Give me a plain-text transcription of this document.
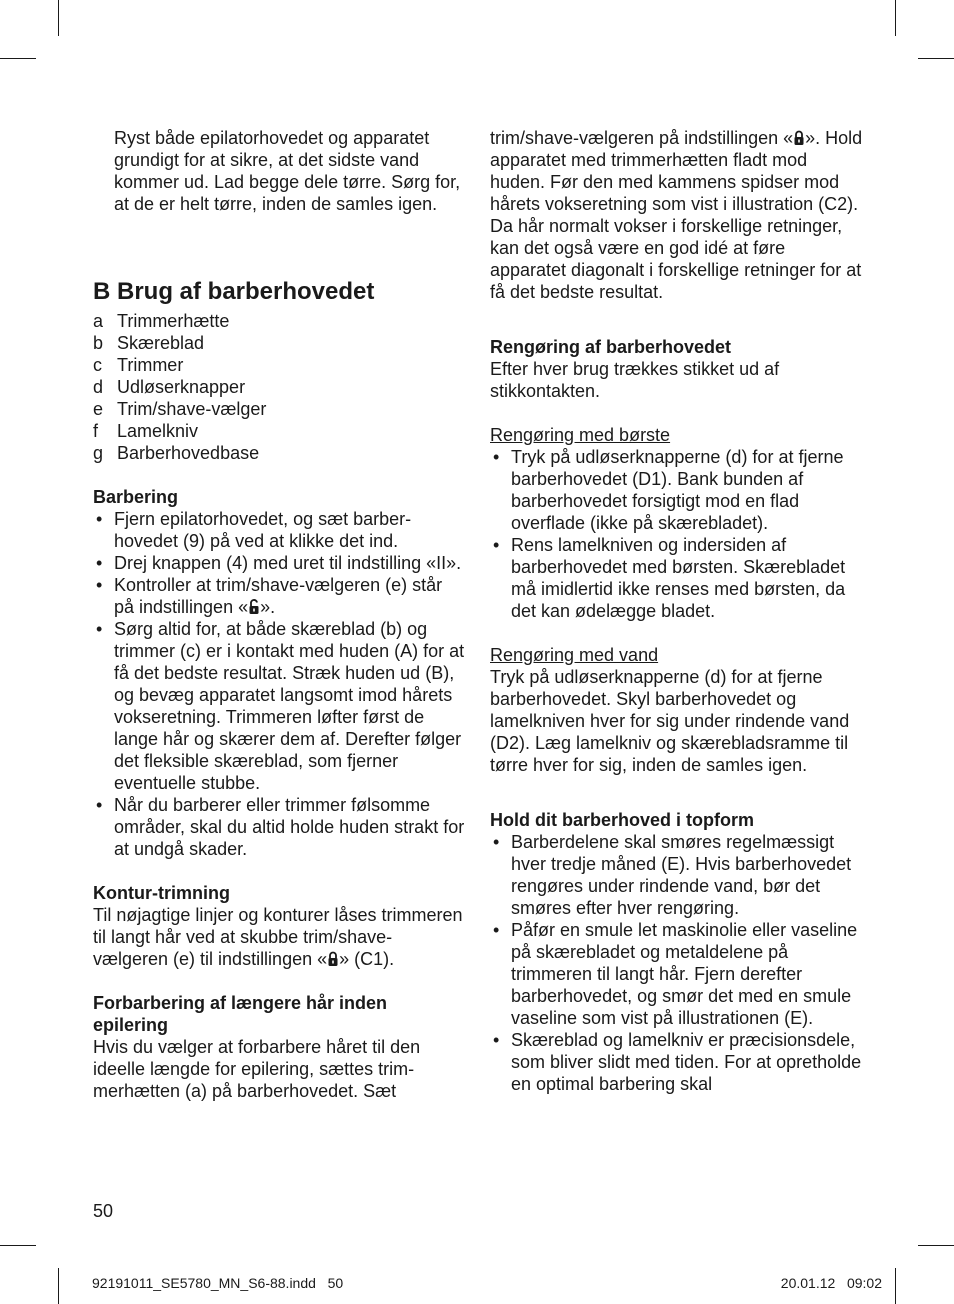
Ryst både epilatorhovedet og apparatet grundigt for at sikre, at det sidste vand kommer ud. Lad begge dele tørre. Sørg for, at de er helt tørre, inden de samles igen.

B Brug af barberhovedet

a Trimmerhætte
b Skæreblad
c Trimmer
d Udløserknapper
e Trim/shave-vælger
f	Lamelkniv
g Barberhovedbase

Barbering

• Fjern epilatorhovedet, og sæt barberhovedet (9) på ved at klikke det ind.
• Drej knappen (4) med uret til indstilling «II».
• Kontroller at trim/shave-vælgeren (e) står på indstillingen « ».
• Sørg altid for, at både skæreblad (b) og trimmer (c) er i kontakt med huden (A) for at få det bedste resultat. Stræk huden ud (B), og bevæg apparatet langsomt imod hårets vokseretning. Trimmeren løfter først de lange hår og skærer dem af. Derefter følger det fleksible skæreblad, som fjerner eventuelle stubbe.
• Når du barberer eller trimmer følsomme områder, skal du altid holde huden strakt for at undgå skader.

Kontur-trimning

Til nøjagtige linjer og konturer låses trimmeren til langt hår ved at skubbe trim/shave-vælgeren (e) til indstillingen « » (C1).

Forbarbering af længere hår inden epilering

Hvis du vælger at forbarbere håret til den ideelle længde for epilering, sættes trimmerhætten (a) på barberhovedet. Sæt

trim/shave-vælgeren på indstillingen « ». Hold apparatet med trimmerhætten fladt mod huden. Før den med kammens spidser mod hårets vokseretning som vist i illustration (C2).

Da hår normalt vokser i forskellige retninger, kan det også være en god idé at føre apparatet diagonalt i forskellige retninger for at få det bedste resultat.

Rengøring af barberhovedet

Efter hver brug trækkes stikket ud af stikkontakten.

Rengøring med børste

• Tryk på udløserknapperne (d) for at fjerne barberhovedet (D1). Bank bunden af barberhovedet forsigtigt mod en flad overflade (ikke på skærebladet).
• Rens lamelkniven og indersiden af barberhovedet med børsten. Skærebladet må imidlertid ikke renses med børsten, da det kan ødelægge bladet.

Rengøring med vand

Tryk på udløserknapperne (d) for at fjerne barberhovedet. Skyl barberhovedet og lamelkniven hver for sig under rindende vand (D2). Læg lamelkniv og skærebladsramme til tørre hver for sig, inden de samles igen.

Hold dit barberhoved i topform

• Barberdelene skal smøres regelmæssigt hver tredje måned (E). Hvis barberhovedet rengøres under rindende vand, bør det smøres efter hver rengøring.
• Påfør en smule let maskinolie eller vaseline på skærebladet og metaldelene på trimmeren til langt hår. Fjern derefter barberhovedet, og smør det med en smule vaseline som vist på illustrationen (E).
• Skæreblad og lamelkniv er præcisionsdele, som bliver slidt med tiden. For at opretholde en optimal barbering skal
50
92191011_SE5780_MN_S6-88.indd   50	20.01.12   09:02
